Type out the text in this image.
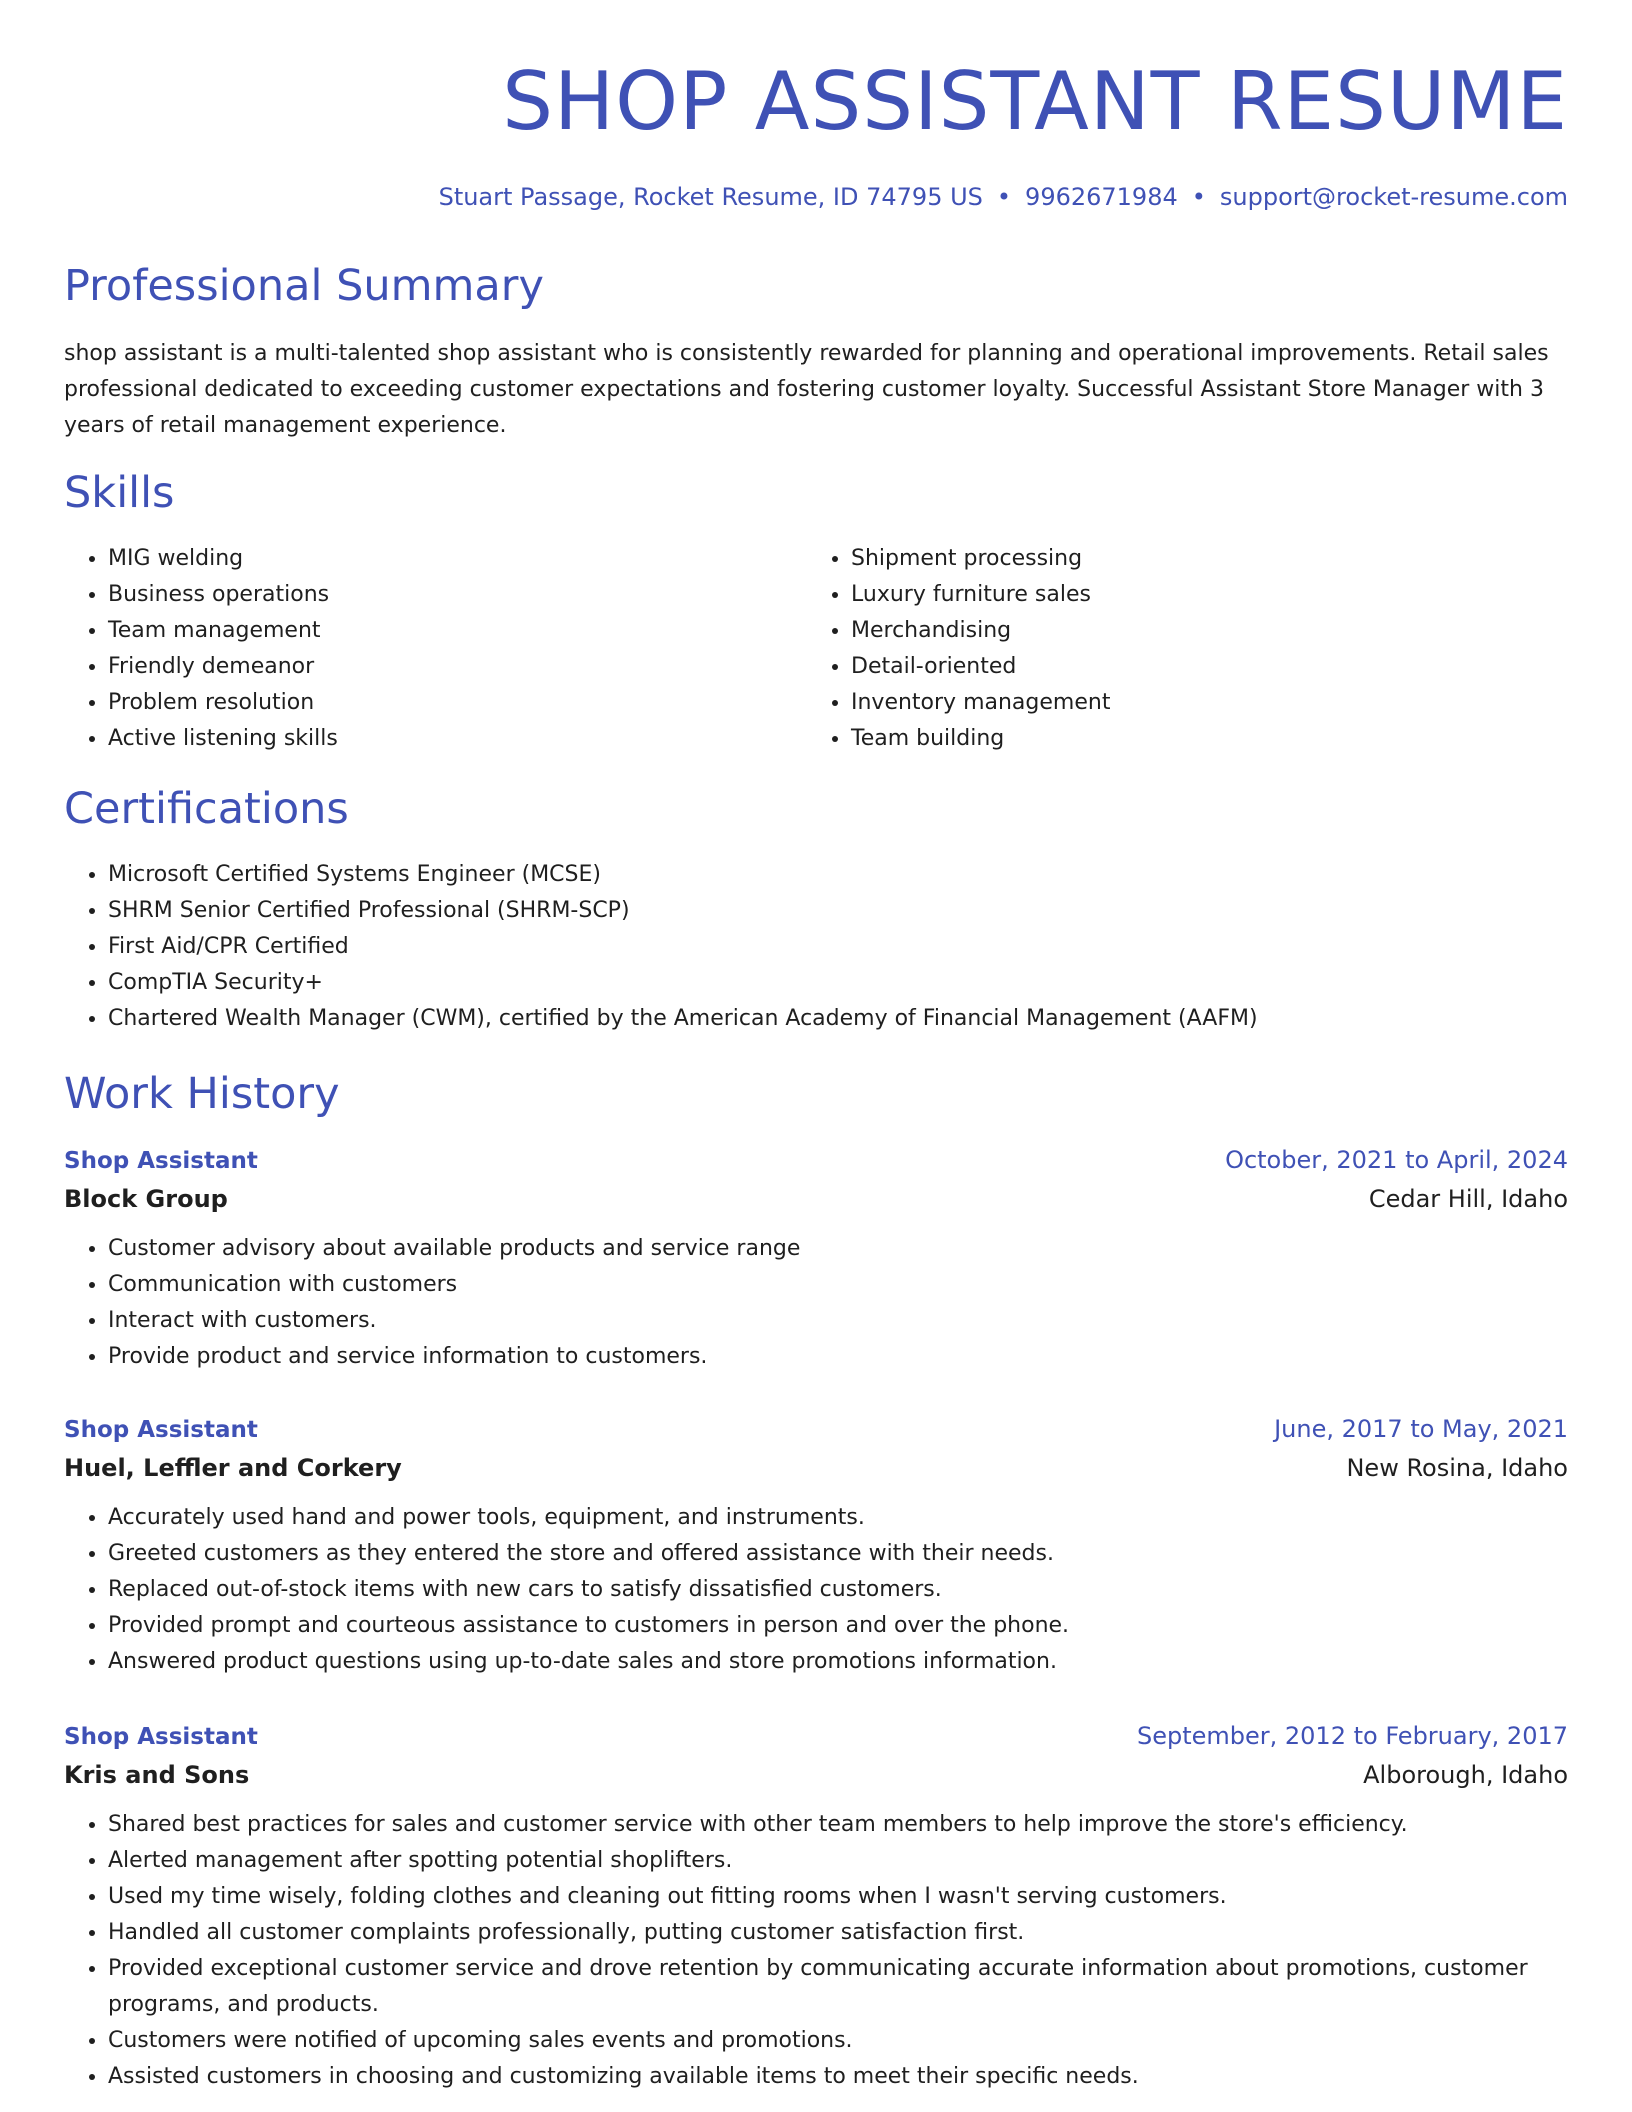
SHOP ASSISTANT RESUME

Stuart Passage, Rocket Resume, ID 74795 US • 9962671984 • support@rocket-resume.com

Professional Summary

shop assistant is a multi-talented shop assistant who is consistently rewarded for planning and operational improvements. Retail sales professional dedicated to exceeding customer expectations and fostering customer loyalty. Successful Assistant Store Manager with 3 years of retail management experience.

Skills
• MIG welding
• Business operations
• Team management
• Friendly demeanor
• Problem resolution
• Active listening skills
• Shipment processing
• Luxury furniture sales
• Merchandising
• Detail-oriented
• Inventory management
• Team building
Certifications
• Microsoft Certified Systems Engineer (MCSE)
• SHRM Senior Certified Professional (SHRM-SCP)
• First Aid/CPR Certified
• CompTIA Security+
• Chartered Wealth Manager (CWM), certified by the American Academy of Financial Management (AAFM)
Work History
Shop Assistant	October, 2021 to April, 2024
Block Group	Cedar Hill, Idaho
• Customer advisory about available products and service range
• Communication with customers
• Interact with customers.
• Provide product and service information to customers.
Shop Assistant	June, 2017 to May, 2021
Huel, Leffler and Corkery	New Rosina, Idaho
• Accurately used hand and power tools, equipment, and instruments.
• Greeted customers as they entered the store and offered assistance with their needs.
• Replaced out-of-stock items with new cars to satisfy dissatisfied customers.
• Provided prompt and courteous assistance to customers in person and over the phone.
• Answered product questions using up-to-date sales and store promotions information.
Shop Assistant	September, 2012 to February, 2017
Kris and Sons	Alborough, Idaho
• Shared best practices for sales and customer service with other team members to help improve the store's efficiency.
• Alerted management after spotting potential shoplifters.
• Used my time wisely, folding clothes and cleaning out fitting rooms when I wasn't serving customers.
• Handled all customer complaints professionally, putting customer satisfaction first.
• Provided exceptional customer service and drove retention by communicating accurate information about promotions, customer programs, and products.
• Customers were notified of upcoming sales events and promotions.
• Assisted customers in choosing and customizing available items to meet their specific needs.
